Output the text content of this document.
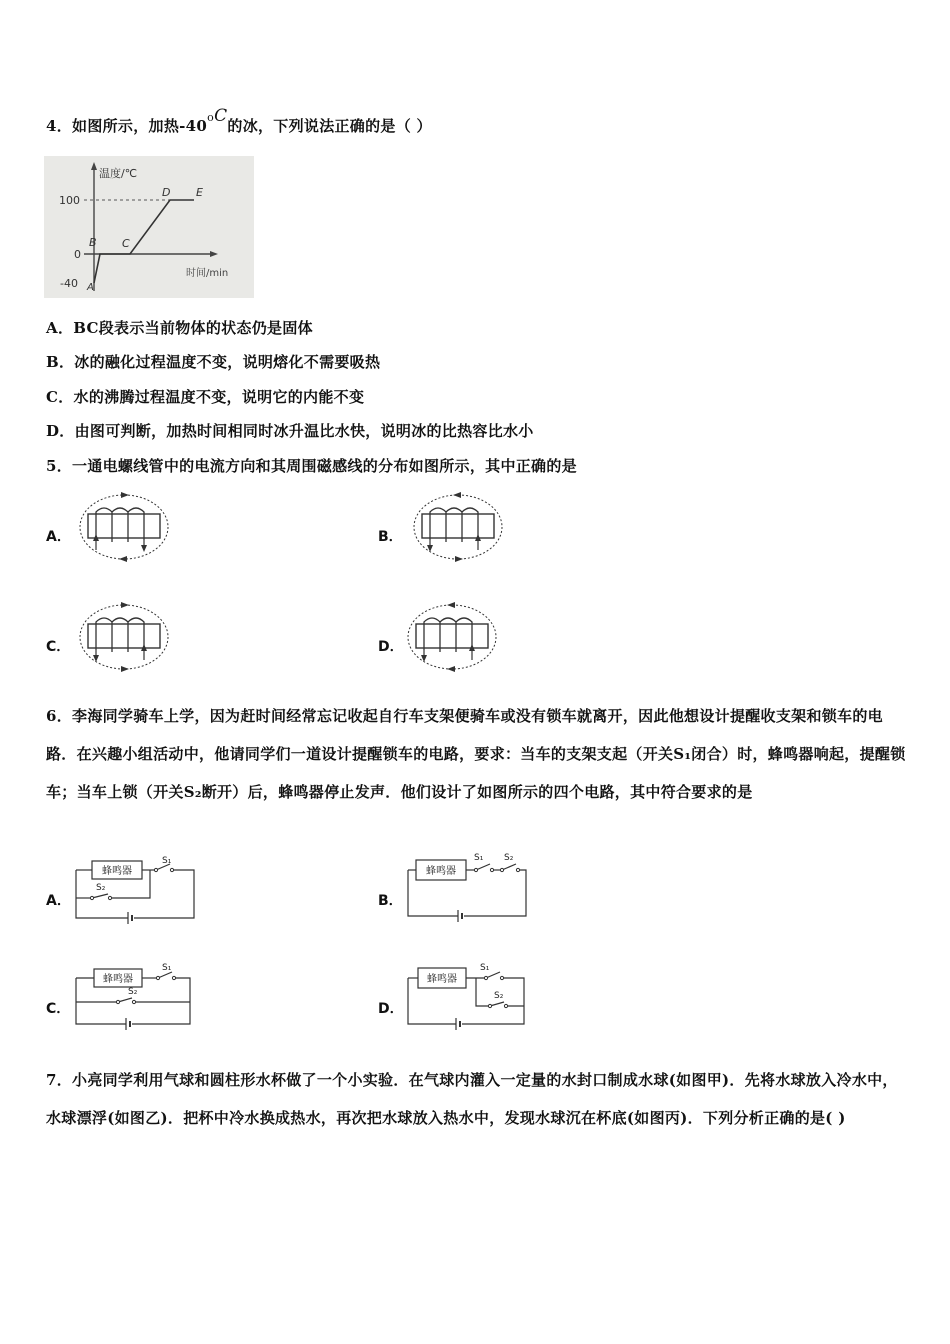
4．如图所示，加热-40$^o$C的冰，下列说法正确的是（ ）
温度/℃
时间/min
100
0
-40 A
B C
D E
A．BC段表示当前物体的状态仍是固体
B．冰的融化过程温度不变，说明熔化不需要吸热
C．水的沸腾过程温度不变，说明它的内能不变
D．由图可判断，加热时间相同时冰升温比水快，说明冰的比热容比水小
5．一通电螺线管中的电流方向和其周围磁感线的分布如图所示，其中正确的是
A．	B．
C．	D．
6．李海同学骑车上学，因为赶时间经常忘记收起自行车支架便骑车或没有锁车就离开，因此他想设计提醒收支架和锁车的电路．在兴趣小组活动中，他请同学们一道设计提醒锁车的电路，要求：当车的支架支起（开关S₁闭合）时，蜂鸣器响起，提醒锁车；当车上锁（开关S₂断开）后，蜂鸣器停止发声．他们设计了如图所示的四个电路，其中符合要求的是
A．	B．
C．	D．
蜂鸣器
S₁
S₂
蜂鸣器
S₁ S₂
蜂鸣器
S₁
S₂
蜂鸣器
S₁
S₂
7．小亮同学利用气球和圆柱形水杯做了一个小实验．在气球内灌入一定量的水封口制成水球(如图甲)．先将水球放入冷水中，水球漂浮(如图乙)．把杯中冷水换成热水，再次把水球放入热水中，发现水球沉在杯底(如图丙)．下列分析正确的是( )
